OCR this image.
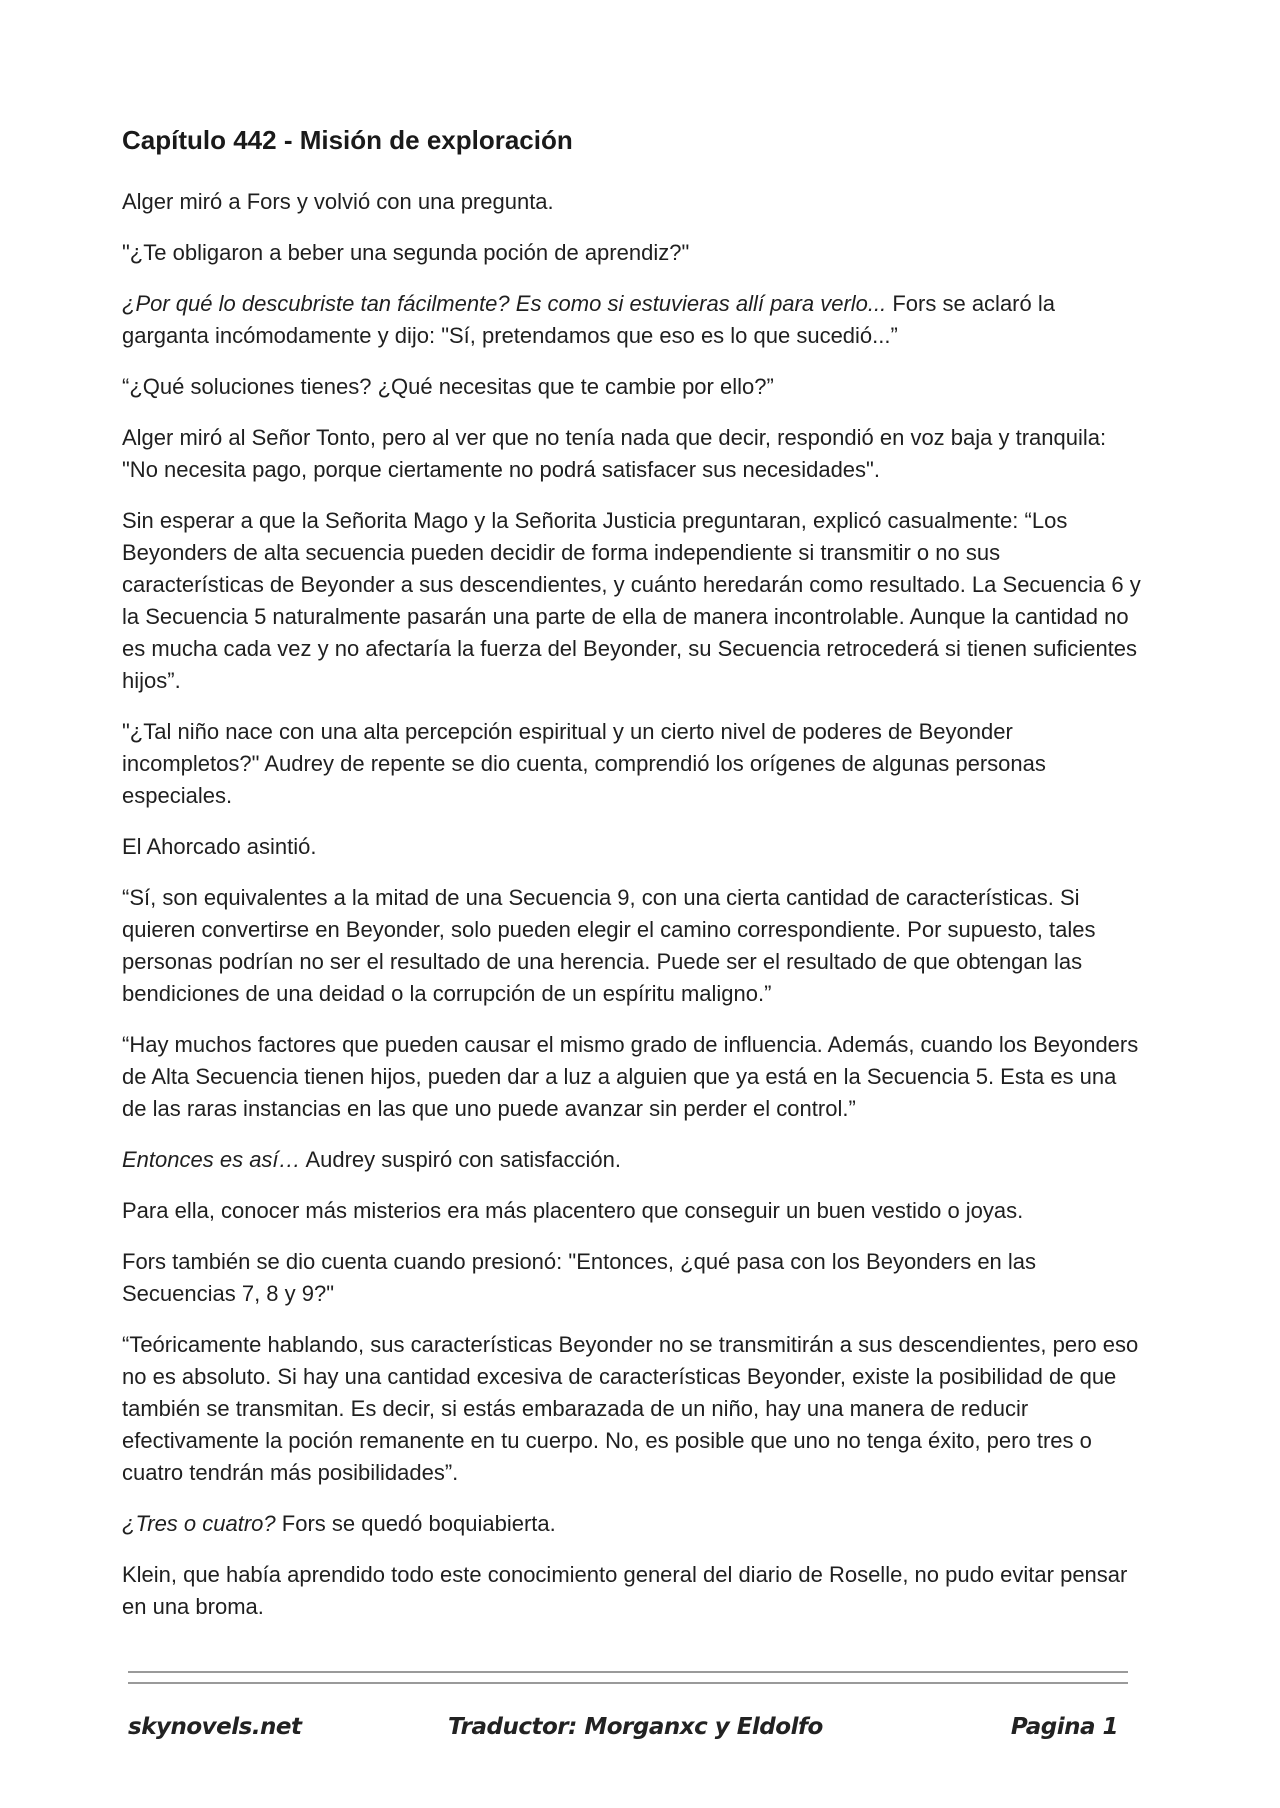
Capítulo 442 - Misión de exploración

Alger miró a Fors y volvió con una pregunta.

"¿Te obligaron a beber una segunda poción de aprendiz?"

¿Por qué lo descubriste tan fácilmente? Es como si estuvieras allí para verlo... Fors se aclaró la garganta incómodamente y dijo: "Sí, pretendamos que eso es lo que sucedió...”

“¿Qué soluciones tienes? ¿Qué necesitas que te cambie por ello?”

Alger miró al Señor Tonto, pero al ver que no tenía nada que decir, respondió en voz baja y tranquila: "No necesita pago, porque ciertamente no podrá satisfacer sus necesidades".

Sin esperar a que la Señorita Mago y la Señorita Justicia preguntaran, explicó casualmente: “Los Beyonders de alta secuencia pueden decidir de forma independiente si transmitir o no sus características de Beyonder a sus descendientes, y cuánto heredarán como resultado. La Secuencia 6 y la Secuencia 5 naturalmente pasarán una parte de ella de manera incontrolable. Aunque la cantidad no es mucha cada vez y no afectaría la fuerza del Beyonder, su Secuencia retrocederá si tienen suficientes hijos”.

"¿Tal niño nace con una alta percepción espiritual y un cierto nivel de poderes de Beyonder incompletos?" Audrey de repente se dio cuenta, comprendió los orígenes de algunas personas especiales.

El Ahorcado asintió.

“Sí, son equivalentes a la mitad de una Secuencia 9, con una cierta cantidad de características. Si quieren convertirse en Beyonder, solo pueden elegir el camino correspondiente. Por supuesto, tales personas podrían no ser el resultado de una herencia. Puede ser el resultado de que obtengan las bendiciones de una deidad o la corrupción de un espíritu maligno.”

“Hay muchos factores que pueden causar el mismo grado de influencia. Además, cuando los Beyonders de Alta Secuencia tienen hijos, pueden dar a luz a alguien que ya está en la Secuencia 5. Esta es una de las raras instancias en las que uno puede avanzar sin perder el control.”

Entonces es así… Audrey suspiró con satisfacción.

Para ella, conocer más misterios era más placentero que conseguir un buen vestido o joyas.

Fors también se dio cuenta cuando presionó: "Entonces, ¿qué pasa con los Beyonders en las Secuencias 7, 8 y 9?"

“Teóricamente hablando, sus características Beyonder no se transmitirán a sus descendientes, pero eso no es absoluto. Si hay una cantidad excesiva de características Beyonder, existe la posibilidad de que también se transmitan. Es decir, si estás embarazada de un niño, hay una manera de reducir efectivamente la poción remanente en tu cuerpo. No, es posible que uno no tenga éxito, pero tres o cuatro tendrán más posibilidades”.

¿Tres o cuatro? Fors se quedó boquiabierta.

Klein, que había aprendido todo este conocimiento general del diario de Roselle, no pudo evitar pensar en una broma.

skynovels.net	Traductor: Morganxc y Eldolfo	Pagina 1
